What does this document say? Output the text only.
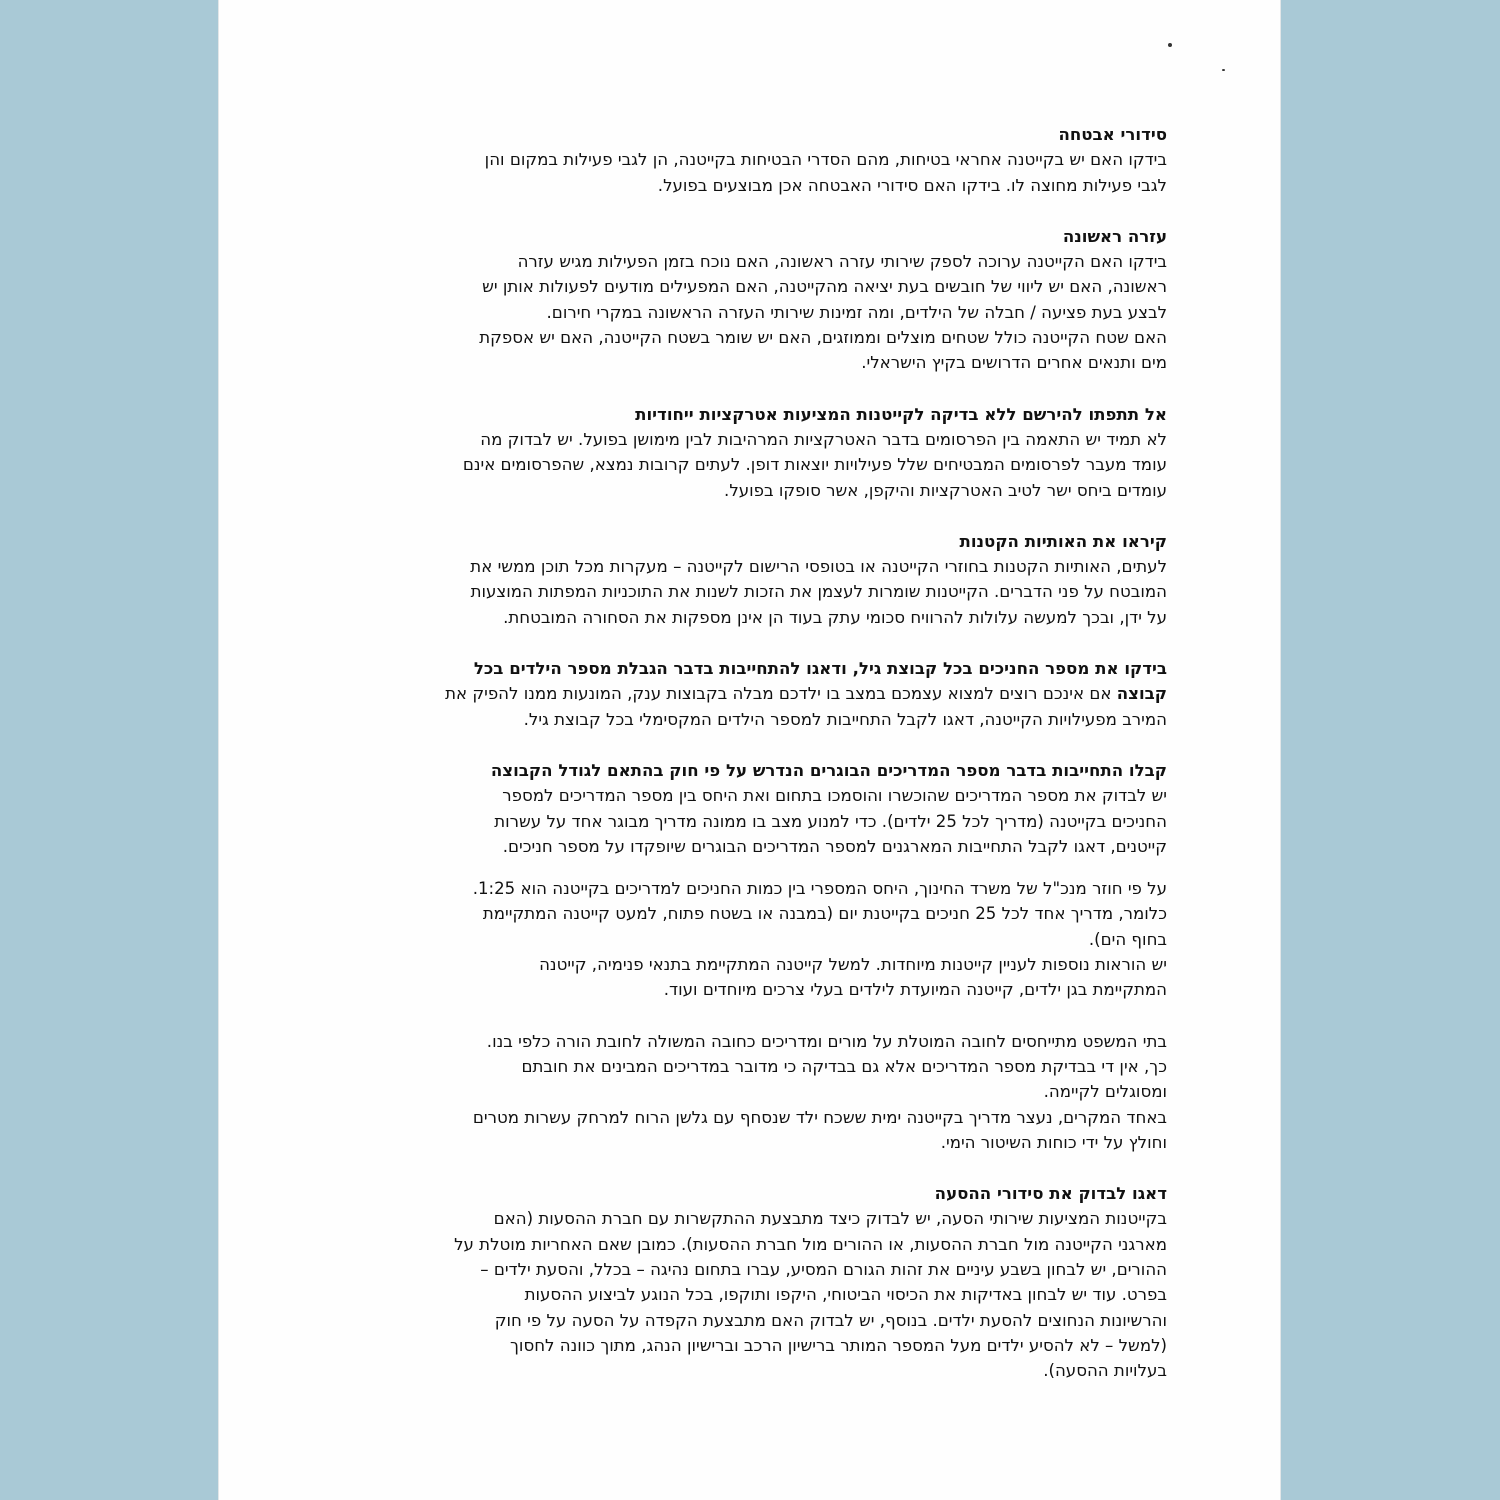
סידורי אבטחה
בידקו האם יש בקייטנה אחראי בטיחות, מהם הסדרי הבטיחות בקייטנה, הן לגבי פעילות במקום והן
לגבי פעילות מחוצה לו. בידקו האם סידורי האבטחה אכן מבוצעים בפועל.
עזרה ראשונה
בידקו האם הקייטנה ערוכה לספק שירותי עזרה ראשונה, האם נוכח בזמן הפעילות מגיש עזרה
ראשונה, האם יש ליווי של חובשים בעת יציאה מהקייטנה, האם המפעילים מודעים לפעולות אותן יש
לבצע בעת פציעה / חבלה של הילדים, ומה זמינות שירותי העזרה הראשונה במקרי חירום.
האם שטח הקייטנה כולל שטחים מוצלים וממוזגים, האם יש שומר בשטח הקייטנה, האם יש אספקת
מים ותנאים אחרים הדרושים בקיץ הישראלי.
אל תתפתו להירשם ללא בדיקה לקייטנות המציעות אטרקציות ייחודיות
לא תמיד יש התאמה בין הפרסומים בדבר האטרקציות המרהיבות לבין מימושן בפועל. יש לבדוק מה
עומד מעבר לפרסומים המבטיחים שלל פעילויות יוצאות דופן. לעתים קרובות נמצא, שהפרסומים אינם
עומדים ביחס ישר לטיב האטרקציות והיקפן, אשר סופקו בפועל.
קיראו את האותיות הקטנות
לעתים, האותיות הקטנות בחוזרי הקייטנה או בטופסי הרישום לקייטנה – מעקרות מכל תוכן ממשי את
המובטח על פני הדברים. הקייטנות שומרות לעצמן את הזכות לשנות את התוכניות המפתות המוצעות
על ידן, ובכך למעשה עלולות להרוויח סכומי עתק בעוד הן אינן מספקות את הסחורה המובטחת.
בידקו את מספר החניכים בכל קבוצת גיל, ודאגו להתחייבות בדבר הגבלת מספר הילדים בכל
קבוצה אם אינכם רוצים למצוא עצמכם במצב בו ילדכם מבלה בקבוצות ענק, המונעות ממנו להפיק את
המירב מפעילויות הקייטנה, דאגו לקבל התחייבות למספר הילדים המקסימלי בכל קבוצת גיל.
קבלו התחייבות בדבר מספר המדריכים הבוגרים הנדרש על פי חוק בהתאם לגודל הקבוצה
יש לבדוק את מספר המדריכים שהוכשרו והוסמכו בתחום ואת היחס בין מספר המדריכים למספר
החניכים בקייטנה (מדריך לכל 25 ילדים). כדי למנוע מצב בו ממונה מדריך מבוגר אחד על עשרות
קייטנים, דאגו לקבל התחייבות המארגנים למספר המדריכים הבוגרים שיופקדו על מספר חניכים.
על פי חוזר מנכ"ל של משרד החינוך, היחס המספרי בין כמות החניכים למדריכים בקייטנה הוא 1:25.
כלומר, מדריך אחד לכל 25 חניכים בקייטנת יום (במבנה או בשטח פתוח, למעט קייטנה המתקיימת
בחוף הים).
יש הוראות נוספות לעניין קייטנות מיוחדות. למשל קייטנה המתקיימת בתנאי פנימיה, קייטנה
המתקיימת בגן ילדים, קייטנה המיועדת לילדים בעלי צרכים מיוחדים ועוד.
בתי המשפט מתייחסים לחובה המוטלת על מורים ומדריכים כחובה המשולה לחובת הורה כלפי בנו.
כך, אין די בבדיקת מספר המדריכים אלא גם בבדיקה כי מדובר במדריכים המבינים את חובתם
ומסוגלים לקיימה.
באחד המקרים, נעצר מדריך בקייטנה ימית ששכח ילד שנסחף עם גלשן הרוח למרחק עשרות מטרים
וחולץ על ידי כוחות השיטור הימי.
דאגו לבדוק את סידורי ההסעה
בקייטנות המציעות שירותי הסעה, יש לבדוק כיצד מתבצעת ההתקשרות עם חברת ההסעות (האם
מארגני הקייטנה מול חברת ההסעות, או ההורים מול חברת ההסעות). כמובן שאם האחריות מוטלת על
ההורים, יש לבחון בשבע עיניים את זהות הגורם המסיע, עברו בתחום נהיגה – בכלל, והסעת ילדים –
בפרט. עוד יש לבחון באדיקות את הכיסוי הביטוחי, היקפו ותוקפו, בכל הנוגע לביצוע ההסעות
והרשיונות הנחוצים להסעת ילדים. בנוסף, יש לבדוק האם מתבצעת הקפדה על הסעה על פי חוק
(למשל – לא להסיע ילדים מעל המספר המותר ברישיון הרכב וברישיון הנהג, מתוך כוונה לחסוך
בעלויות ההסעה).
